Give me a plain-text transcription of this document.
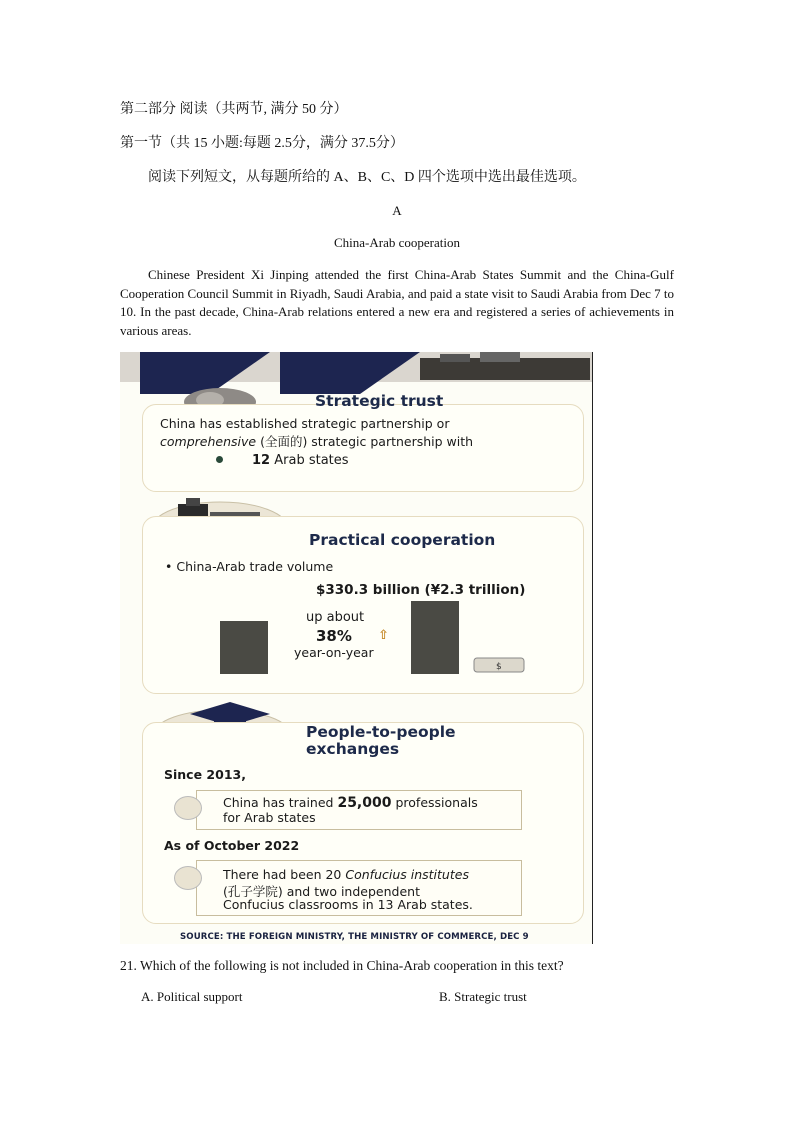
第二部分 阅读（共两节, 满分 50 分）
第一节（共 15 小题:每题 2.5分，满分 37.5分）
阅读下列短文，从每题所给的 A、B、C、D 四个选项中选出最佳选项。
A
China-Arab cooperation
Chinese President Xi Jinping attended the first China-Arab States Summit and the China-Gulf Cooperation Council Summit in Riyadh, Saudi Arabia, and paid a state visit to Saudi Arabia from Dec 7 to 10. In the past decade, China-Arab relations entered a new era and registered a series of achievements in various areas.
Strategic trust
China has established strategic partnership or
comprehensive (全面的) strategic partnership with
12 Arab states
Practical cooperation
• China-Arab trade volume
$330.3 billion (¥2.3 trillion)
up about
38% ⇧
year-on-year
$
People-to-people
exchanges
Since 2013,
China has trained 25,000 professionals
for Arab states
As of October 2022
There had been 20 Confucius institutes
(孔子学院) and two independent
Confucius classrooms in 13 Arab states.
SOURCE: THE FOREIGN MINISTRY, THE MINISTRY OF COMMERCE, DEC 9
21. Which of the following is not included in China-Arab cooperation in this text?
A. Political support	B. Strategic trust
